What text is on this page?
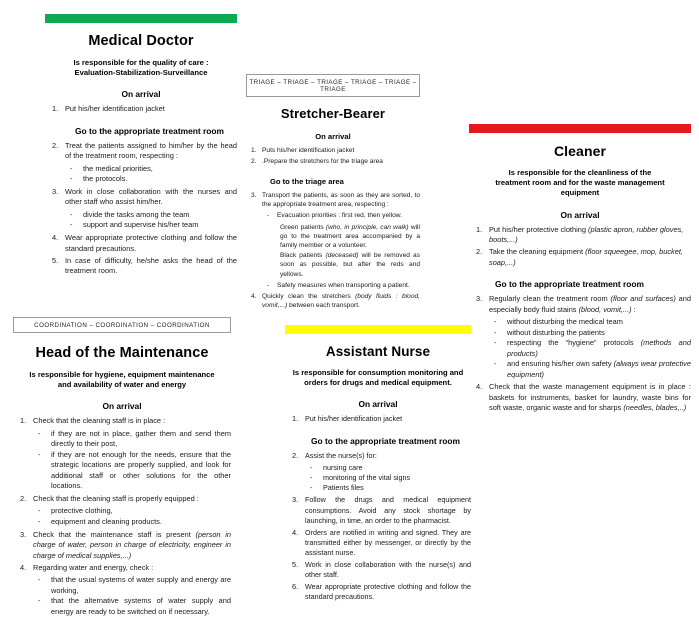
Medical Doctor
Is responsible for the quality of care :
Evaluation-Stabilization-Surveillance
On arrival
1. Put his/her identification jacket
Go to the appropriate treatment room
2. Treat the patients assigned to him/her by the head of the treatment room, respecting :
- the medical priorities,
- the protocols.
3. Work in close collaboration with the nurses and other staff who assist him/her.
- divide the tasks among the team
- support and supervise his/her team
4. Wear appropriate protective clothing and follow the standard precautions.
5. In case of difficulty, he/she asks the head of the treatment room.
TRIAGE – TRIAGE – TRIAGE – TRIAGE – TRIAGE – TRIAGE
Stretcher-Bearer
On arrival
1. Puts his/her identification jacket
2. .Prepare the stretchers for the triage area
Go to the triage area
3. Transport the patients, as soon as they are sorted, to the appropriate treatment area, respecting :
- Evacuation priorities : first red, then yellow.
Green patients (who, in principle, can walk) will go to the treatment area accompanied by a family member or a volunteer.
Black patients (deceased) will be removed as soon as possible, but after the reds and yellows.
- Safety measures when transporting a patient.
4. Quickly clean the stretchers (body fluids : blood, vomit,...) between each transport.
Cleaner
Is responsible for the cleanliness of the
treatment room and for the waste management
equipment
On arrival
1. Put his/her protective clothing (plastic apron, rubber gloves, boots,...)
2. Take the cleaning equipment (floor squeegee, mop, bucket, soap,...)
Go to the appropriate treatment room
3. Regularly clean the treatment room (floor and surfaces) and especially body fluid stains (blood, vomit,...) :
- without disturbing the medical team
- without disturbing the patients
- respecting the “hygiene” protocols (methods and products)
- and ensuring his/her own safety (always wear protective equipment)
4. Check that the waste management equipment is in place : baskets for instruments, basket for laundry, waste bins for soft waste, organic waste and for sharps (needles, blades,..)
COORDINATION – COORDINATION – COORDINATION
Head of the Maintenance
Is responsible for hygiene, equipment maintenance
and availability of water and energy
On arrival
1. Check that the cleaning staff is in place :
- if they are not in place, gather them and send them directly to their post,
- if they are not enough for the needs, ensure that the strategic locations are properly supplied, and look for additional staff or other solutions for the other locations.
2. Check that the cleaning staff is properly equipped :
- protective clothing,
- equipment and cleaning products.
3. Check that the maintenance staff is present (person in charge of water, person in charge of electricity, engineer in charge of medical supplies,...)
4. Regarding water and energy, check :
- that the usual systems of water supply and energy are working,
- that the alternative systems of water supply and energy are ready to be switched on if necessary.
Assistant Nurse
Is responsible for consumption monitoring and
orders for drugs and medical equipment.
On arrival
1. Put his/her identification jacket
Go to the appropriate treatment room
2. Assist the nurse(s) for:
- nursing care
- monitoring of the vital signs
- Patients files
3. Follow the drugs and medical equipment consumptions. Avoid any stock shortage by launching, in time, an order to the pharmacist.
4. Orders are notified in writing and signed. They are transmitted either by messenger, or directly by the assistant nurse.
5. Work in close collaboration with the nurse(s) and other staff.
6. Wear appropriate protective clothing and follow the standard precautions.
